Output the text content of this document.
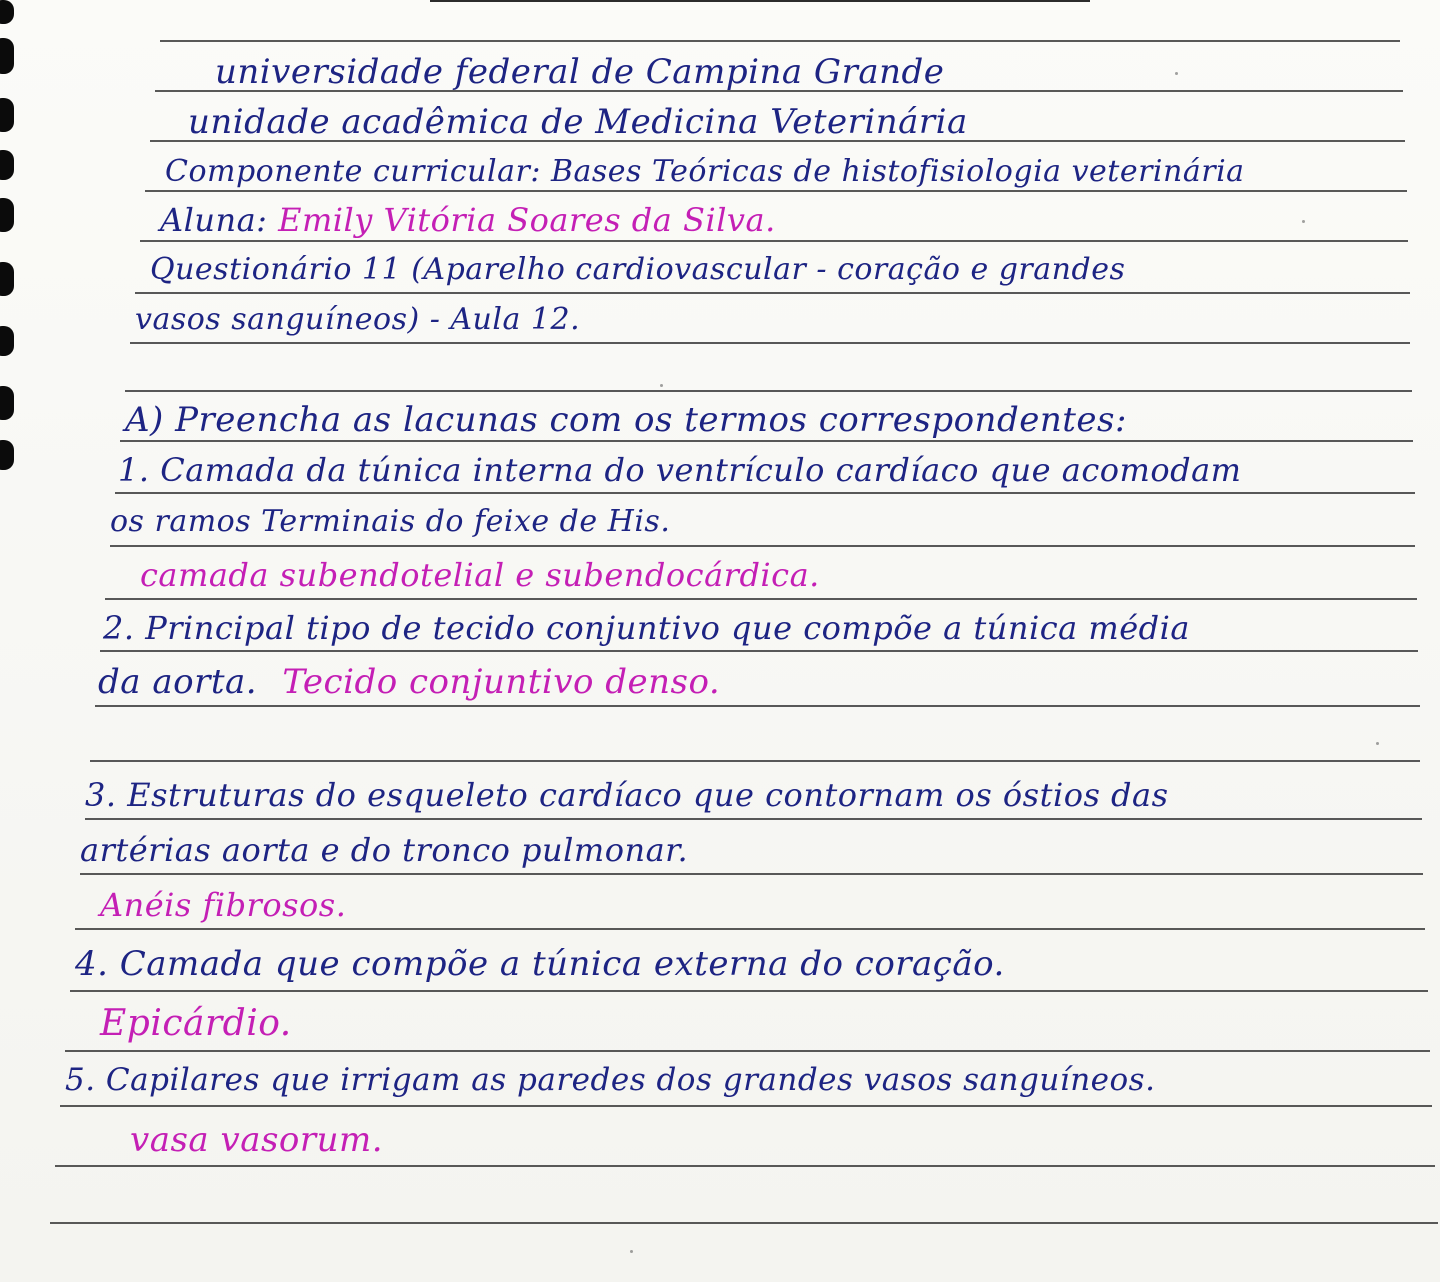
universidade federal de Campina Grande
unidade acadêmica de Medicina Veterinária
Componente curricular: Bases Teóricas de histofisiologia veterinária
Aluna: Emily Vitória Soares da Silva.
Questionário 11 (Aparelho cardiovascular - coração e grandes
vasos sanguíneos) - Aula 12.
A) Preencha as lacunas com os termos correspondentes:
1. Camada da túnica interna do ventrículo cardíaco que acomodam
os ramos Terminais do feixe de His.
camada subendotelial e subendocárdica.
2. Principal tipo de tecido conjuntivo que compõe a túnica média
da aorta. Tecido conjuntivo denso.
3. Estruturas do esqueleto cardíaco que contornam os óstios das
artérias aorta e do tronco pulmonar.
Anéis fibrosos.
4. Camada que compõe a túnica externa do coração.
Epicárdio.
5. Capilares que irrigam as paredes dos grandes vasos sanguíneos.
vasa vasorum.
